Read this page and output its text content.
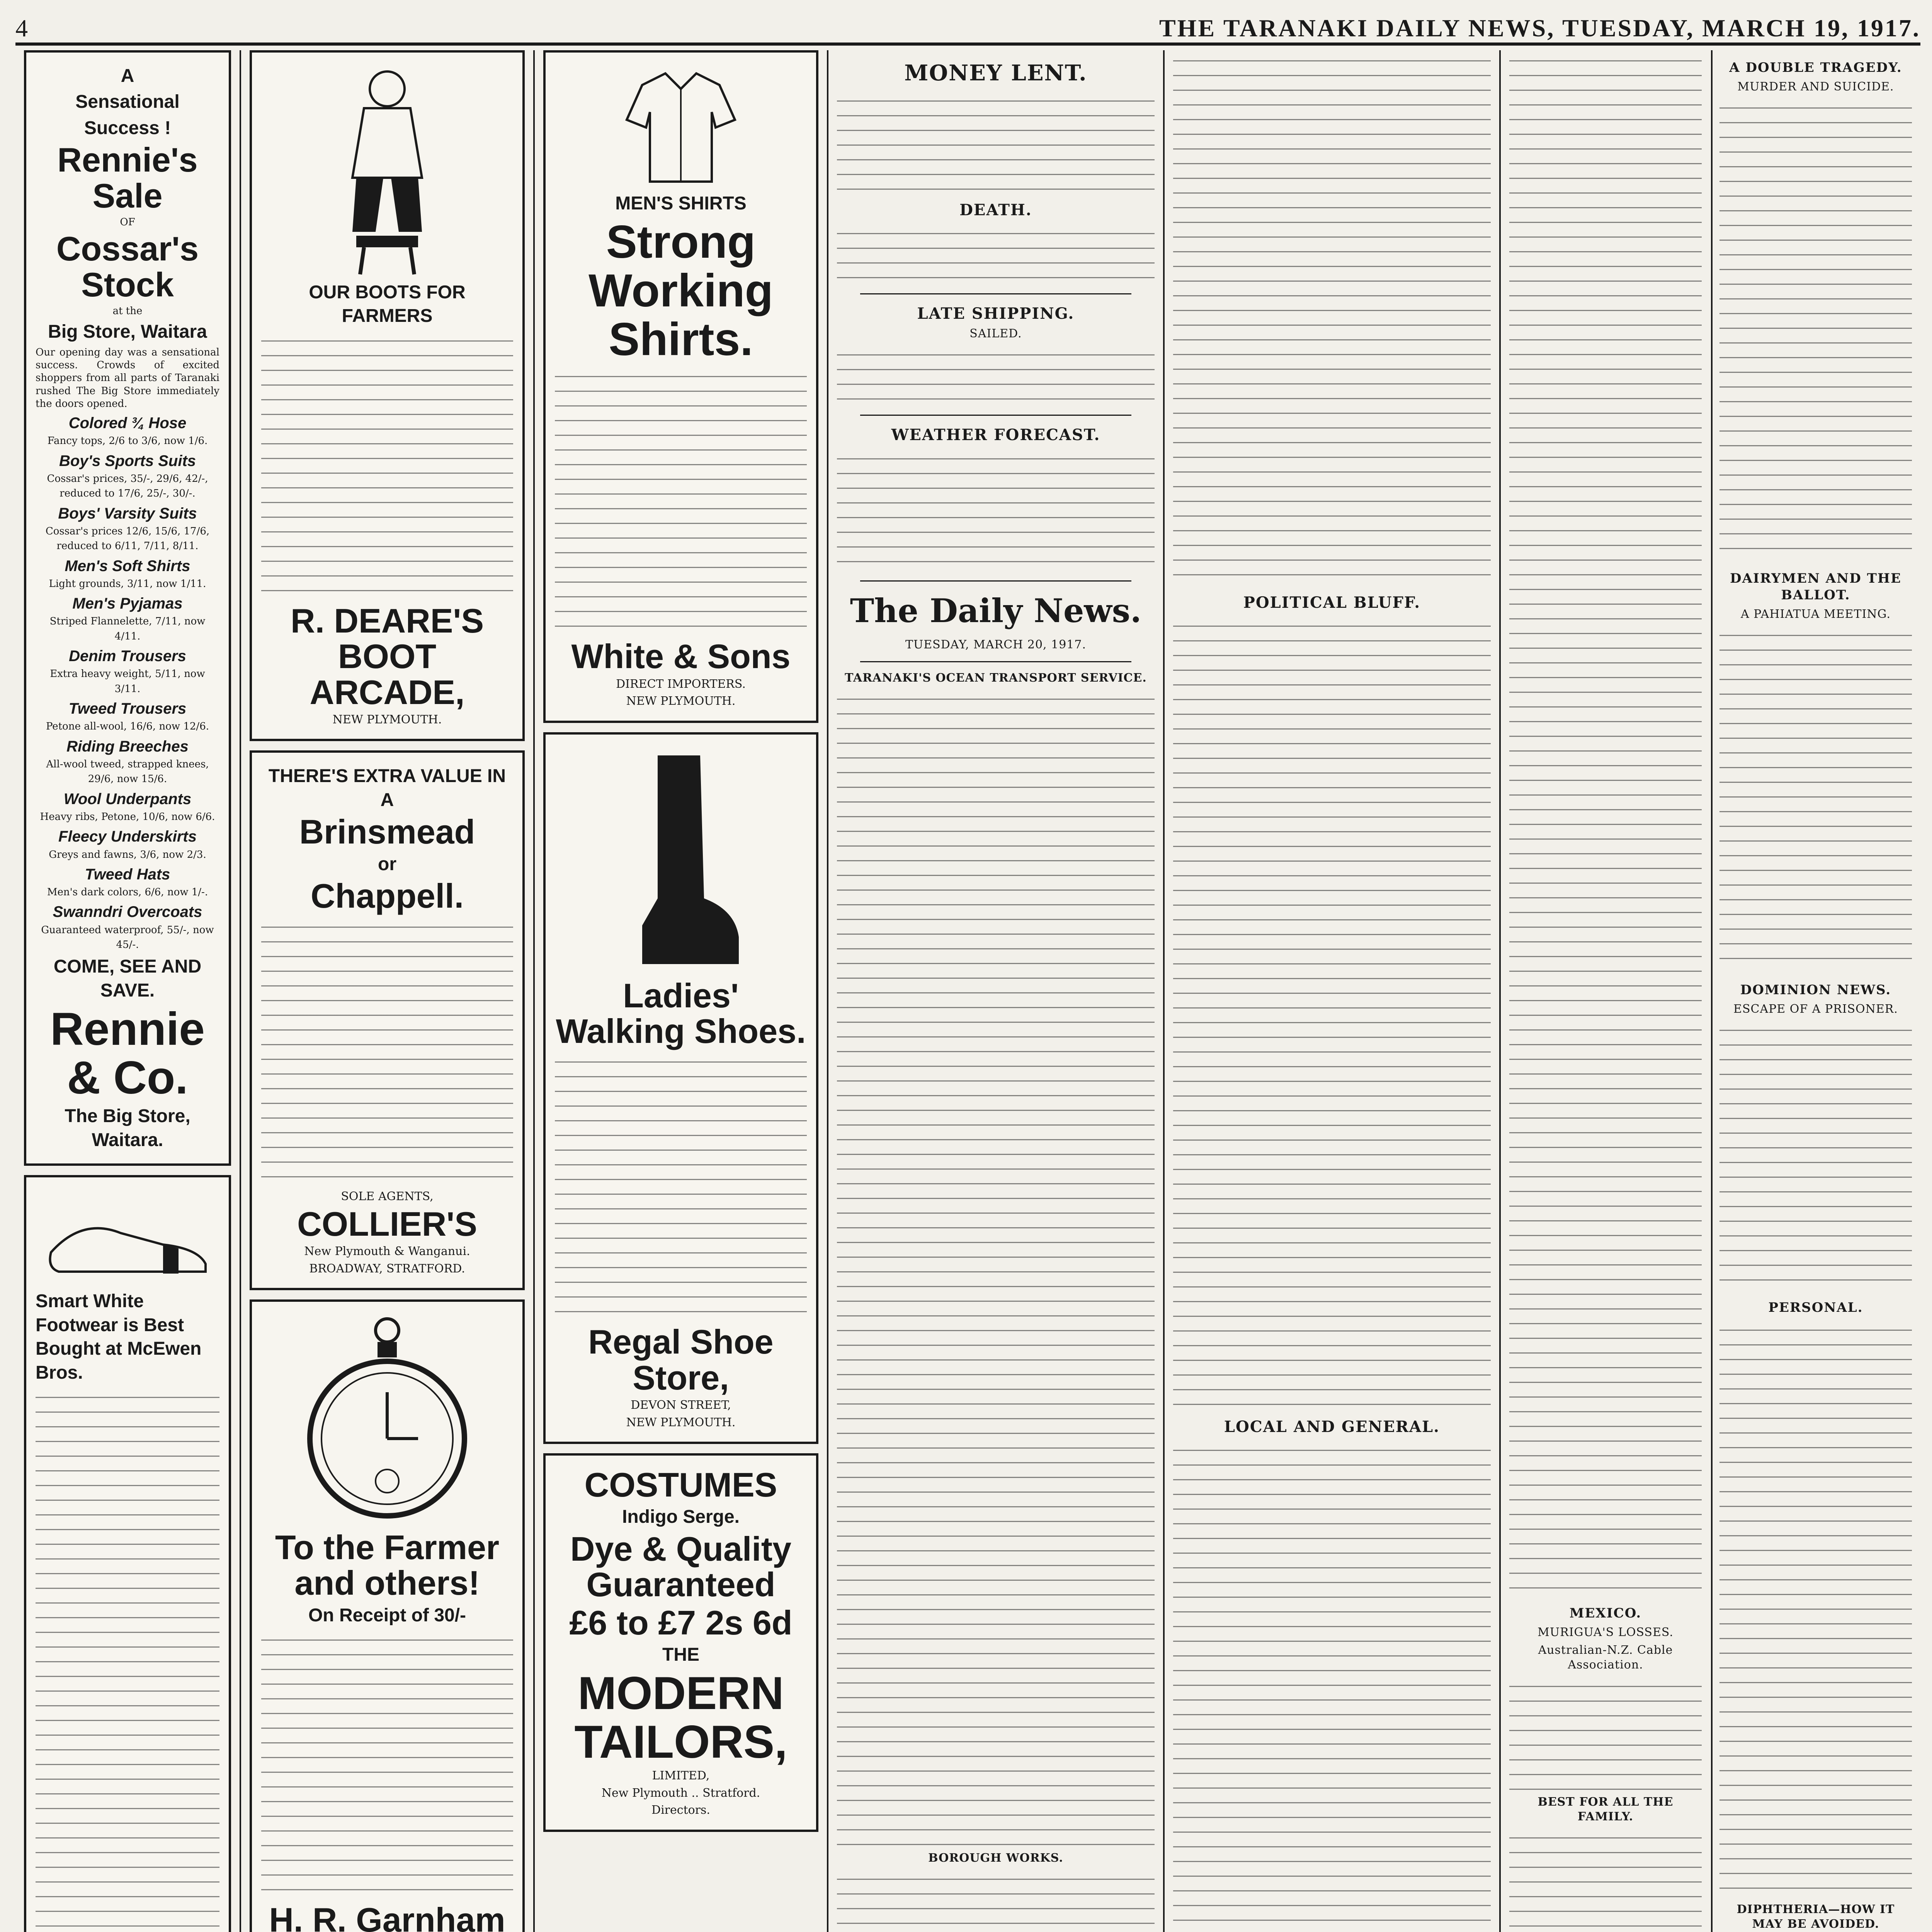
4	THE TARANAKI DAILY NEWS, TUESDAY, MARCH 19, 1917.

A

Sensational

Success !

Rennie's Sale

OF

Cossar's Stock

at the

Big Store, Waitara

Our opening day was a sensational success. Crowds of excited shoppers from all parts of Taranaki rushed The Big Store immediately the doors opened.

Colored ¾ Hose
Fancy tops, 2/6 to 3/6, now 1/6.
Boy's Sports Suits
Cossar's prices, 35/-, 29/6, 42/-, reduced to 17/6, 25/-, 30/-.
Boys' Varsity Suits
Cossar's prices 12/6, 15/6, 17/6, reduced to 6/11, 7/11, 8/11.
Men's Soft Shirts
Light grounds, 3/11, now 1/11.
Men's Pyjamas
Striped Flannelette, 7/11, now 4/11.
Denim Trousers
Extra heavy weight, 5/11, now 3/11.
Tweed Trousers
Petone all-wool, 16/6, now 12/6.
Riding Breeches
All-wool tweed, strapped knees, 29/6, now 15/6.
Wool Underpants
Heavy ribs, Petone, 10/6, now 6/6.
Fleecy Underskirts
Greys and fawns, 3/6, now 2/3.
Tweed Hats
Men's dark colors, 6/6, now 1/-.
Swanndri Overcoats
Guaranteed waterproof, 55/-, now 45/-.

COME, SEE AND SAVE.

Rennie & Co.

The Big Store, Waitara.

Smart White Footwear is Best Bought at McEwen Bros.

OUR BOOTS FOR FARMERS

R. DEARE'S BOOT ARCADE,

NEW PLYMOUTH.

THERE'S EXTRA VALUE IN A

Brinsmead

or

Chappell.

SOLE AGENTS,

COLLIER'S

New Plymouth & Wanganui.

BROADWAY, STRATFORD.

To the Farmer and others!

On Receipt of 30/-

H. R. Garnham

MEN'S SHIRTS

Strong Working Shirts.

White & Sons

DIRECT IMPORTERS.

NEW PLYMOUTH.

Ladies' Walking Shoes.

Regal Shoe Store,

DEVON STREET,

NEW PLYMOUTH.

COSTUMES

Indigo Serge.

Dye & Quality Guaranteed

£6 to £7 2s 6d

THE

MODERN TAILORS,

LIMITED,

New Plymouth .. Stratford.

Directors.

MONEY LENT.

DEATH.

LATE SHIPPING.

SAILED.

WEATHER FORECAST.

The Daily News.

TUESDAY, MARCH 20, 1917.

TARANAKI'S OCEAN TRANSPORT SERVICE.

BOROUGH WORKS.

POLITICAL BLUFF.

LOCAL AND GENERAL.

MEXICO.

MURIGUA'S LOSSES.

Australian-N.Z. Cable Association.

BEST FOR ALL THE FAMILY.

A DOUBLE TRAGEDY.

MURDER AND SUICIDE.

DAIRYMEN AND THE BALLOT.

A PAHIATUA MEETING.

DOMINION NEWS.

ESCAPE OF A PRISONER.

PERSONAL.

DIPHTHERIA—HOW IT MAY BE AVOIDED.
